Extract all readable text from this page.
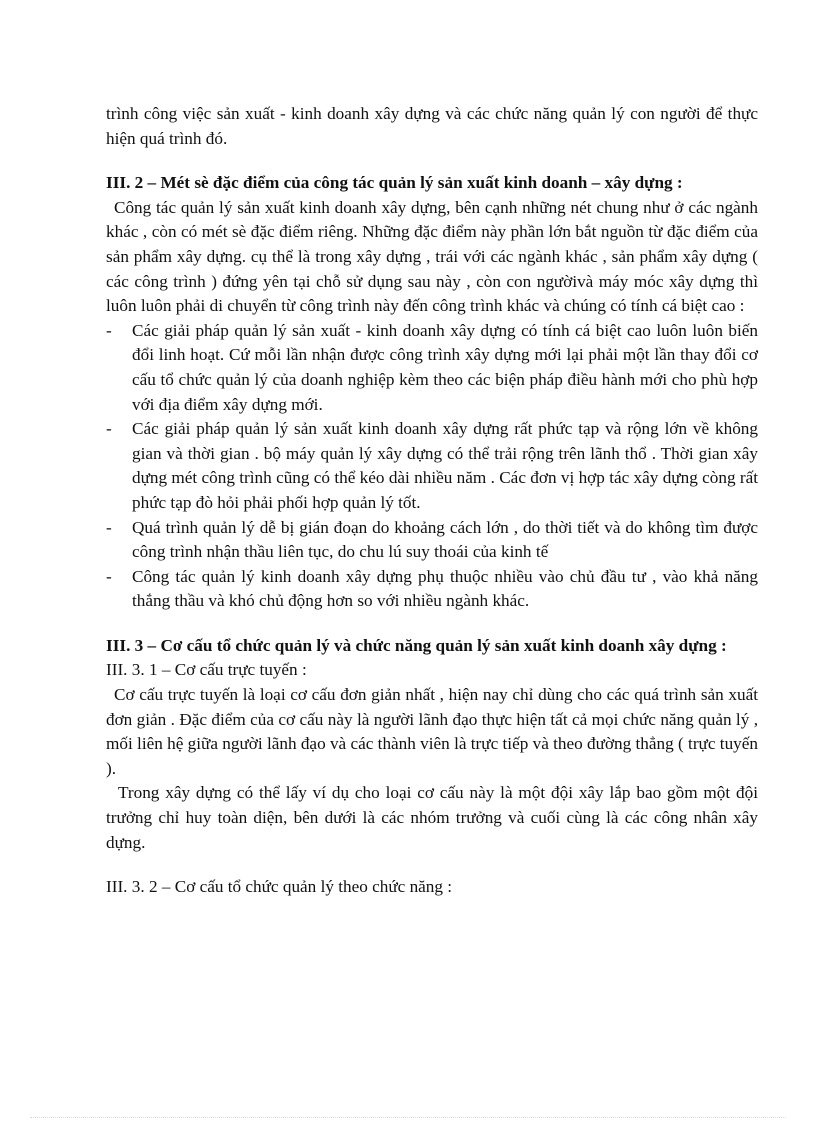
trình công việc sản xuất - kinh doanh xây dựng và các chức năng quản lý con người để thực hiện quá trình đó.

III. 2 – Mét sè đặc điểm của công tác quản lý sản xuất kinh doanh – xây dựng :

Công tác quản lý sản xuất kinh doanh xây dựng, bên cạnh những nét chung như ở các ngành khác , còn có mét sè đặc điểm riêng. Những đặc điểm này phần lớn bắt nguồn từ đặc điểm của sản phẩm xây dựng. cụ thể là trong xây dựng , trái với các ngành khác , sản phẩm xây dựng ( các công trình ) đứng yên tại chỗ sử dụng sau này , còn con ngườivà máy móc xây dựng thì luôn luôn phải di chuyển từ công trình này đến công trình khác và chúng có tính cá biệt cao :

- Các giải pháp quản lý sản xuất - kinh doanh xây dựng có tính cá biệt cao luôn luôn biến đổi linh hoạt. Cứ mỗi lần nhận được công trình xây dựng mới lại phải một lần thay đổi cơ cấu tổ chức quản lý của doanh nghiệp kèm theo các biện pháp điều hành mới cho phù hợp với địa điểm xây dựng mới.
- Các giải pháp quản lý sản xuất kinh doanh xây dựng rất phức tạp và rộng lớn về không gian và thời gian . bộ máy quản lý xây dựng có thể trải rộng trên lãnh thổ . Thời gian xây dựng mét công trình cũng có thể kéo dài nhiều năm . Các đơn vị hợp tác xây dựng còng rất phức tạp đò hỏi phải phối hợp quản lý tốt.
- Quá trình quản lý dễ bị gián đoạn do khoảng cách lớn , do thời tiết và do không tìm được công trình nhận thầu liên tục, do chu lú suy thoái của kinh tế
- Công tác quản lý kinh doanh xây dựng phụ thuộc nhiều vào chủ đầu tư , vào khả năng thắng thầu và khó chủ động hơn so với nhiều ngành khác.

III. 3 – Cơ cấu tổ chức quản lý và chức năng quản lý sản xuất kinh doanh xây dựng :

III. 3. 1 – Cơ cấu trực tuyến :

Cơ cấu trực tuyến là loại cơ cấu đơn giản nhất , hiện nay chỉ dùng cho các quá trình sản xuất đơn giản . Đặc điểm của cơ cấu này là người lãnh đạo thực hiện tất cả mọi chức năng quản lý , mối liên hệ giữa người lãnh đạo và các thành viên là trực tiếp và theo đường thẳng ( trực tuyến ).

Trong xây dựng có thể lấy ví dụ cho loại cơ cấu này là một đội xây lắp bao gồm một đội trưởng chỉ huy toàn diện, bên dưới là các nhóm trưởng và cuối cùng là các công nhân xây dựng.

III. 3. 2 – Cơ cấu tổ chức quản lý theo chức năng :
